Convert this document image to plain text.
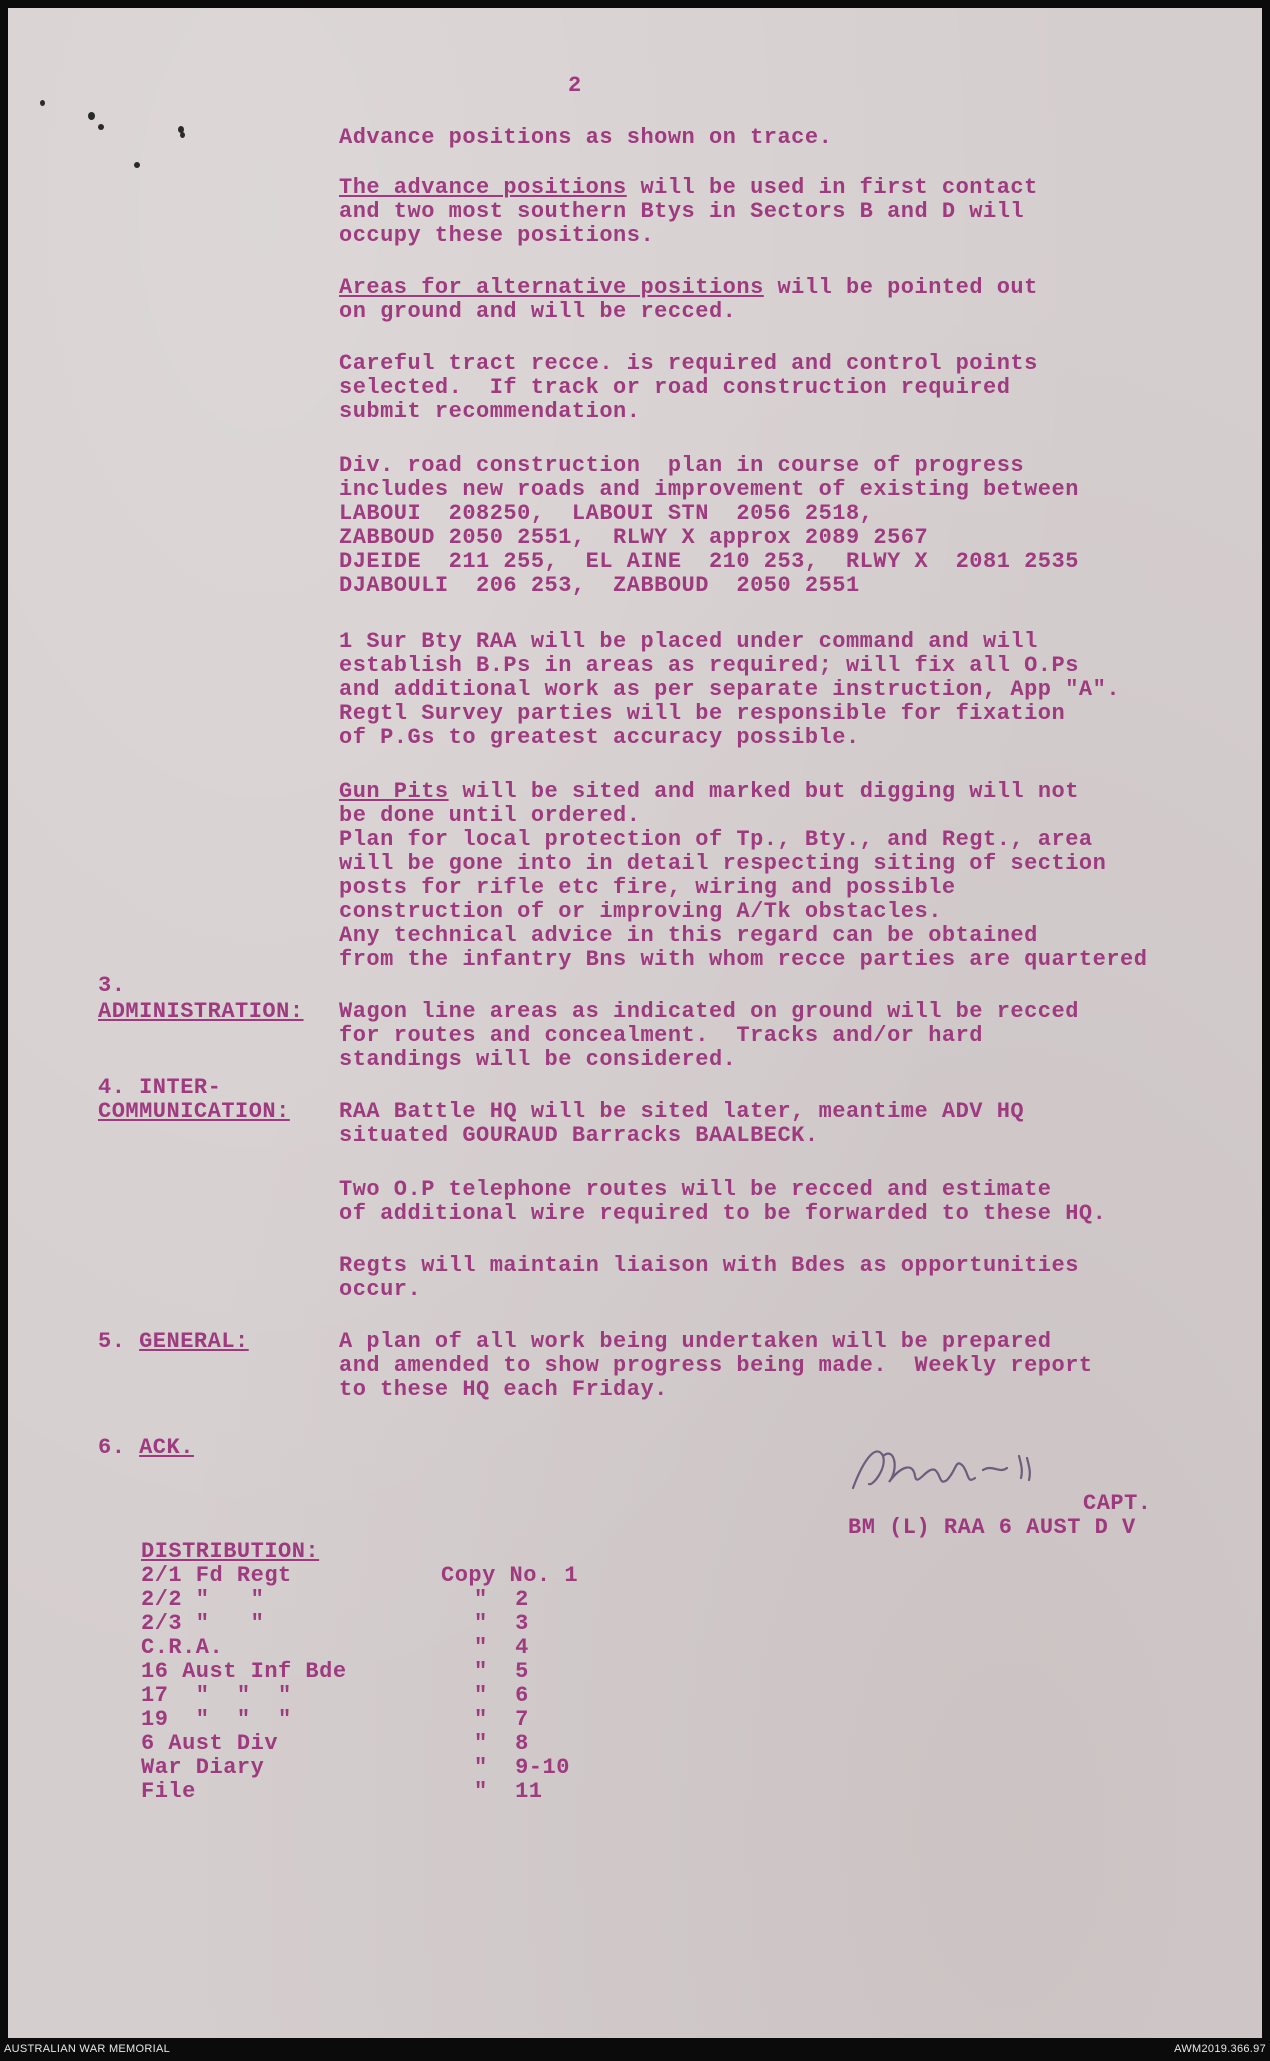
2
Advance positions as shown on trace.
The advance positions will be used in first contact
and two most southern Btys in Sectors B and D will
occupy these positions.
Areas for alternative positions will be pointed out
on ground and will be recced.
Careful tract recce. is required and control points
selected.  If track or road construction required
submit recommendation.
Div. road construction  plan in course of progress
includes new roads and improvement of existing between
LABOUI  208250,  LABOUI STN  2056 2518,
ZABBOUD 2050 2551,  RLWY X approx 2089 2567
DJEIDE  211 255,  EL AINE  210 253,  RLWY X  2081 2535
DJABOULI  206 253,  ZABBOUD  2050 2551
1 Sur Bty RAA will be placed under command and will
establish B.Ps in areas as required; will fix all O.Ps
and additional work as per separate instruction, App "A".
Regtl Survey parties will be responsible for fixation
of P.Gs to greatest accuracy possible.
Gun Pits will be sited and marked but digging will not
be done until ordered.
Plan for local protection of Tp., Bty., and Regt., area
will be gone into in detail respecting siting of section
posts for rifle etc fire, wiring and possible
construction of or improving A/Tk obstacles.
Any technical advice in this regard can be obtained
from the infantry Bns with whom recce parties are quartered
3.
ADMINISTRATION: Wagon line areas as indicated on ground will be recced
for routes and concealment.  Tracks and/or hard
standings will be considered.
4. INTER-
COMMUNICATION: RAA Battle HQ will be sited later, meantime ADV HQ
situated GOURAUD Barracks BAALBECK.
Two O.P telephone routes will be recced and estimate
of additional wire required to be forwarded to these HQ.
Regts will maintain liaison with Bdes as opportunities
occur.
5. GENERAL:	A plan of all work being undertaken will be prepared
and amended to show progress being made.  Weekly report
to these HQ each Friday.
6. ACK.
CAPT.
BM (L) RAA 6 AUST D V
DISTRIBUTION:
2/1 Fd Regt	Copy No. 1
2/2 "   "	"  2
2/3 "   "	"  3
C.R.A.	"  4
16 Aust Inf Bde	"  5
17  "  "  "	"  6
19  "  "  "	"  7
6 Aust Div	"  8
War Diary	"  9-10
File	"  11
AUSTRALIAN WAR MEMORIAL	AWM2019.366.97
